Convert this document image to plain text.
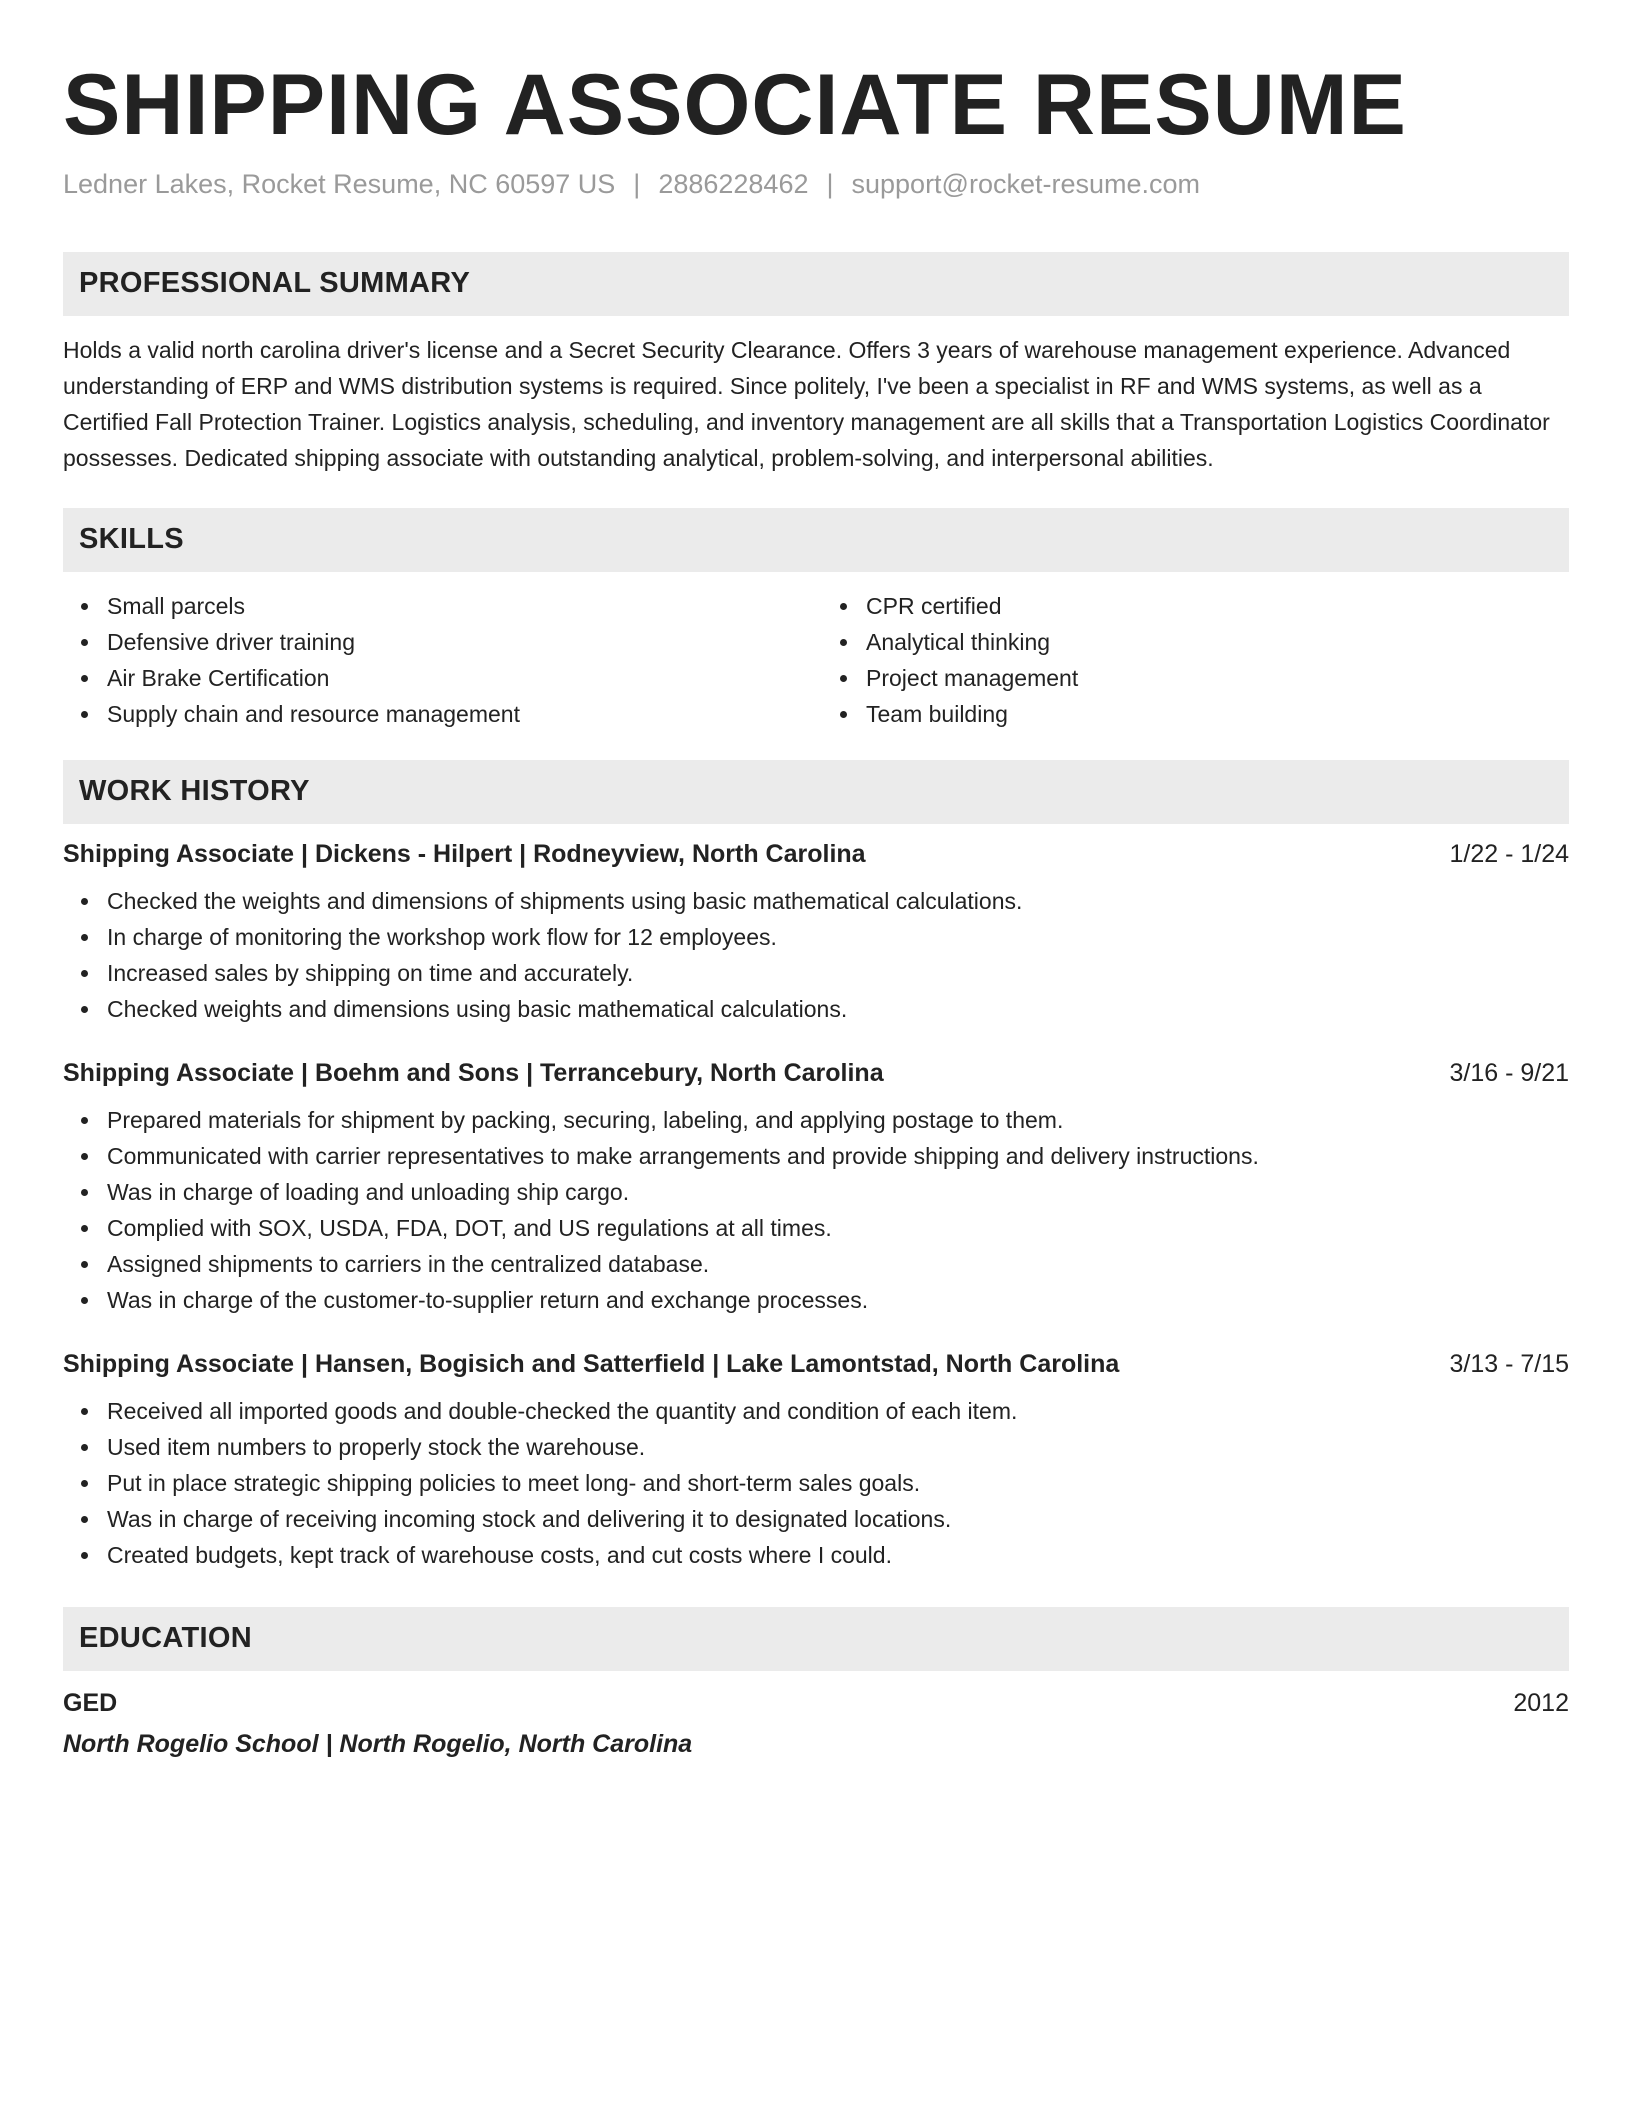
SHIPPING ASSOCIATE RESUME
Ledner Lakes, Rocket Resume, NC 60597 US | 2886228462 | support@rocket-resume.com
PROFESSIONAL SUMMARY

Holds a valid north carolina driver's license and a Secret Security Clearance. Offers 3 years of warehouse management experience. Advanced understanding of ERP and WMS distribution systems is required. Since politely, I've been a specialist in RF and WMS systems, as well as a Certified Fall Protection Trainer. Logistics analysis, scheduling, and inventory management are all skills that a Transportation Logistics Coordinator possesses. Dedicated shipping associate with outstanding analytical, problem-solving, and interpersonal abilities.

SKILLS
Small parcels
Defensive driver training
Air Brake Certification
Supply chain and resource management
CPR certified
Analytical thinking
Project management
Team building
WORK HISTORY
Shipping Associate | Dickens - Hilpert | Rodneyview, North Carolina	1/22 - 1/24
Checked the weights and dimensions of shipments using basic mathematical calculations.
In charge of monitoring the workshop work flow for 12 employees.
Increased sales by shipping on time and accurately.
Checked weights and dimensions using basic mathematical calculations.
Shipping Associate | Boehm and Sons | Terrancebury, North Carolina	3/16 - 9/21
Prepared materials for shipment by packing, securing, labeling, and applying postage to them.
Communicated with carrier representatives to make arrangements and provide shipping and delivery instructions.
Was in charge of loading and unloading ship cargo.
Complied with SOX, USDA, FDA, DOT, and US regulations at all times.
Assigned shipments to carriers in the centralized database.
Was in charge of the customer-to-supplier return and exchange processes.
Shipping Associate | Hansen, Bogisich and Satterfield | Lake Lamontstad, North Carolina	3/13 - 7/15
Received all imported goods and double-checked the quantity and condition of each item.
Used item numbers to properly stock the warehouse.
Put in place strategic shipping policies to meet long- and short-term sales goals.
Was in charge of receiving incoming stock and delivering it to designated locations.
Created budgets, kept track of warehouse costs, and cut costs where I could.
EDUCATION
GED	2012
North Rogelio School | North Rogelio, North Carolina
